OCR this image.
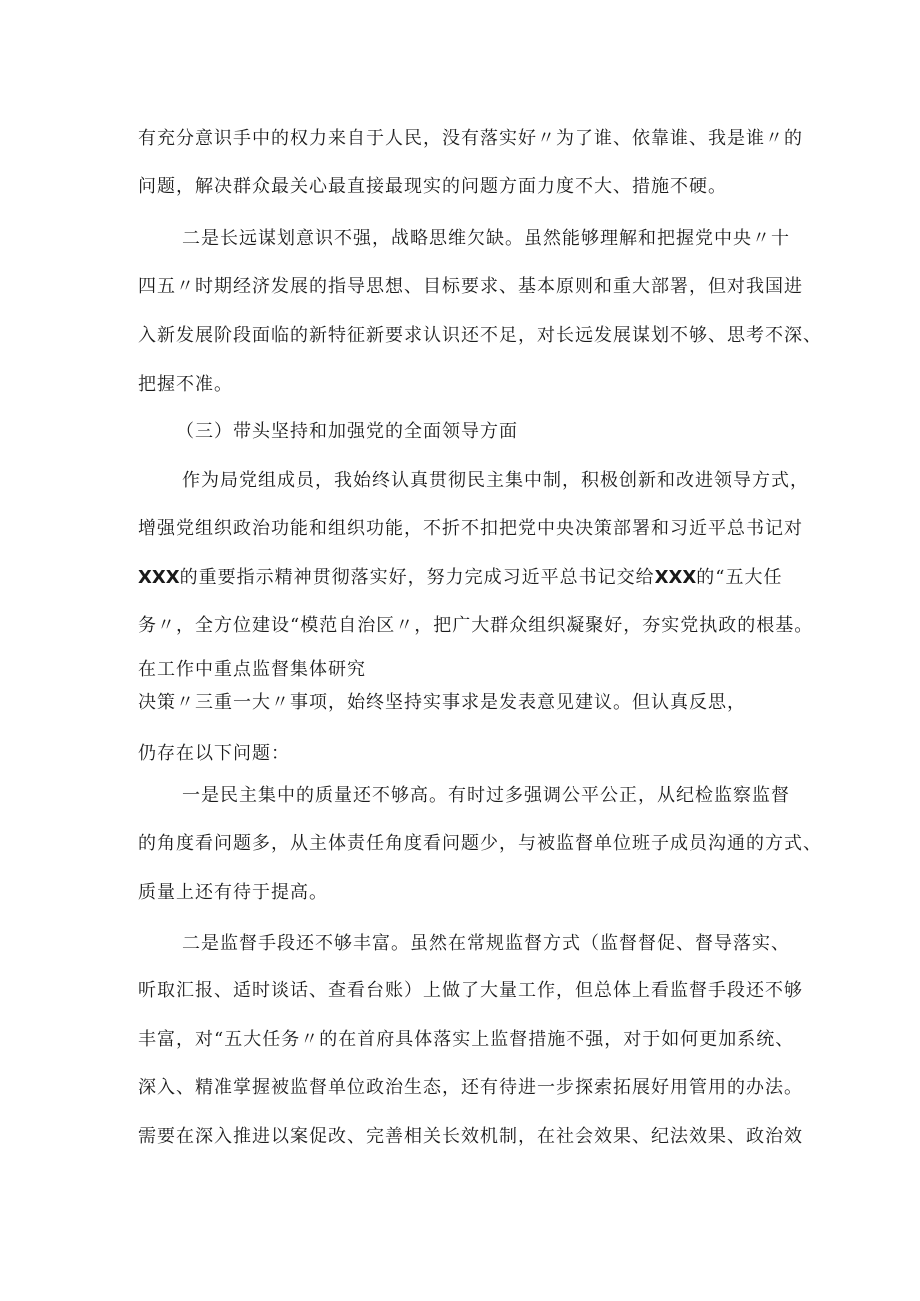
有充分意识手中的权力来自于人民，没有落实好〃为了谁、依靠谁、我是谁〃的
问题，解决群众最关心最直接最现实的问题方面力度不大、措施不硬。
二是长远谋划意识不强，战略思维欠缺。虽然能够理解和把握党中央〃十
四五〃时期经济发展的指导思想、目标要求、基本原则和重大部署，但对我国进
入新发展阶段面临的新特征新要求认识还不足，对长远发展谋划不够、思考不深、
把握不准。
（三）带头坚持和加强党的全面领导方面
作为局党组成员，我始终认真贯彻民主集中制，积极创新和改进领导方式，
增强党组织政治功能和组织功能，不折不扣把党中央决策部署和习近平总书记对
XXX的重要指示精神贯彻落实好，努力完成习近平总书记交给XXX的“五大任
务〃，全方位建设“模范自治区〃，把广大群众组织凝聚好，夯实党执政的根基。
在工作中重点监督集体研究
决策〃三重一大〃事项，始终坚持实事求是发表意见建议。但认真反思，
仍存在以下问题：
一是民主集中的质量还不够高。有时过多强调公平公正，从纪检监察监督
的角度看问题多，从主体责任角度看问题少，与被监督单位班子成员沟通的方式、
质量上还有待于提高。
二是监督手段还不够丰富。虽然在常规监督方式（监督督促、督导落实、
听取汇报、适时谈话、查看台账）上做了大量工作，但总体上看监督手段还不够
丰富，对“五大任务〃的在首府具体落实上监督措施不强，对于如何更加系统、
深入、精准掌握被监督单位政治生态，还有待进一步探索拓展好用管用的办法。
需要在深入推进以案促改、完善相关长效机制，在社会效果、纪法效果、政治效
